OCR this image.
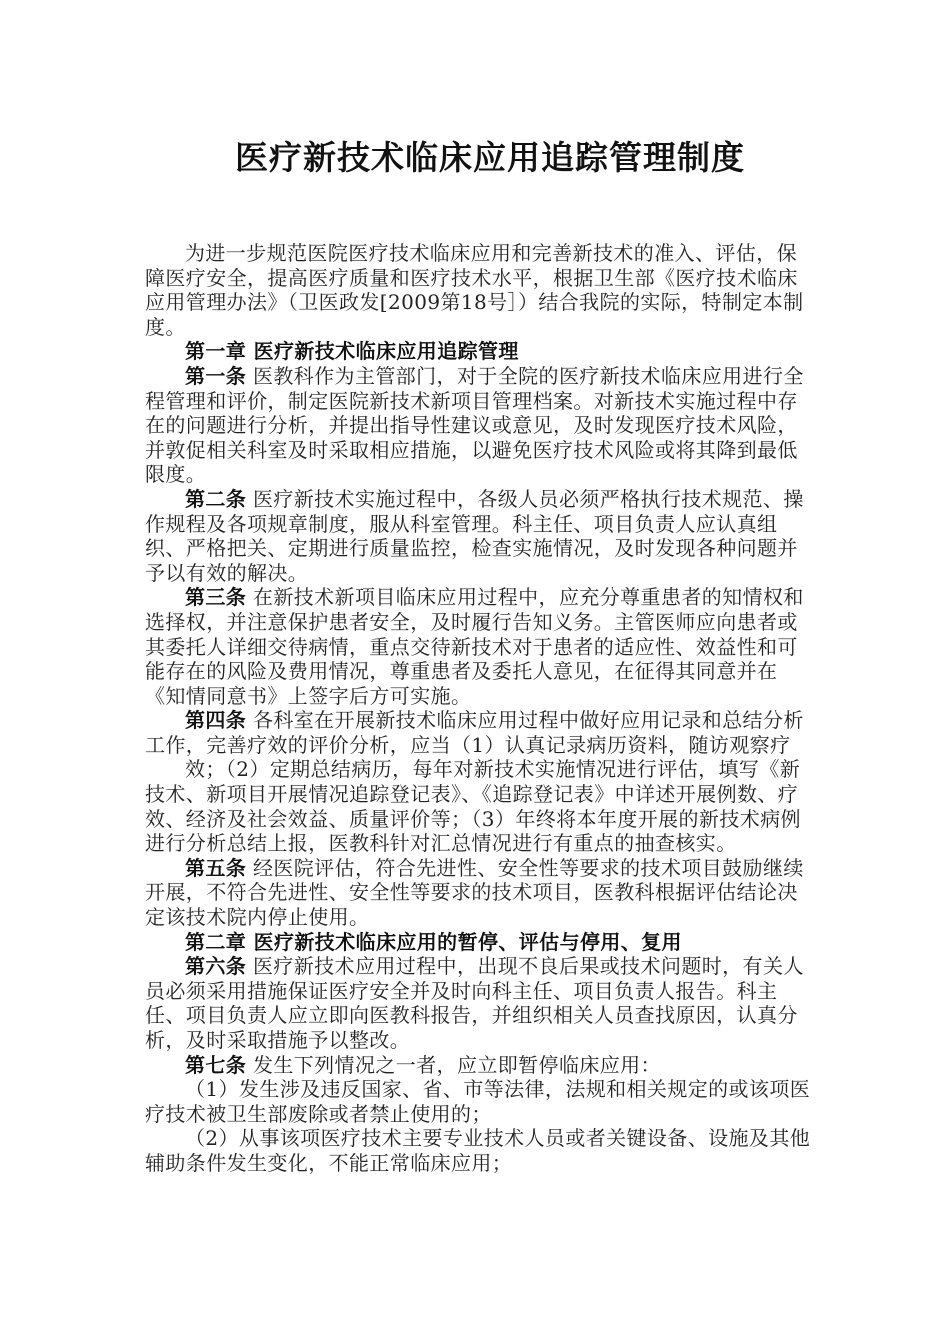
医疗新技术临床应用追踪管理制度

为进一步规范医院医疗技术临床应用和完善新技术的准入、评估，保障医疗安全，提高医疗质量和医疗技术水平，根据卫生部《医疗技术临床应用管理办法》（卫医政发[2009第18号］）结合我院的实际，特制定本制度。

第一章 医疗新技术临床应用追踪管理

第一条 医教科作为主管部门，对于全院的医疗新技术临床应用进行全程管理和评价，制定医院新技术新项目管理档案。对新技术实施过程中存在的问题进行分析，并提出指导性建议或意见，及时发现医疗技术风险，并敦促相关科室及时采取相应措施，以避免医疗技术风险或将其降到最低限度。

第二条 医疗新技术实施过程中，各级人员必须严格执行技术规范、操作规程及各项规章制度，服从科室管理。科主任、项目负责人应认真组织、严格把关、定期进行质量监控，检查实施情况，及时发现各种问题并予以有效的解决。

第三条 在新技术新项目临床应用过程中，应充分尊重患者的知情权和选择权，并注意保护患者安全，及时履行告知义务。主管医师应向患者或其委托人详细交待病情，重点交待新技术对于患者的适应性、效益性和可能存在的风险及费用情况，尊重患者及委托人意见，在征得其同意并在《知情同意书》上签字后方可实施。

第四条 各科室在开展新技术临床应用过程中做好应用记录和总结分析工作，完善疗效的评价分析，应当（1）认真记录病历资料，随访观察疗

效；（2）定期总结病历，每年对新技术实施情况进行评估，填写《新技术、新项目开展情况追踪登记表》、《追踪登记表》中详述开展例数、疗效、经济及社会效益、质量评价等；（3）年终将本年度开展的新技术病例进行分析总结上报，医教科针对汇总情况进行有重点的抽查核实。

第五条 经医院评估，符合先进性、安全性等要求的技术项目鼓励继续开展，不符合先进性、安全性等要求的技术项目，医教科根据评估结论决定该技术院内停止使用。

第二章 医疗新技术临床应用的暂停、评估与停用、复用

第六条 医疗新技术应用过程中，出现不良后果或技术问题时，有关人员必须采用措施保证医疗安全并及时向科主任、项目负责人报告。科主任、项目负责人应立即向医教科报告，并组织相关人员查找原因，认真分析，及时采取措施予以整改。

第七条 发生下列情况之一者，应立即暂停临床应用：

（1）发生涉及违反国家、省、市等法律，法规和相关规定的或该项医疗技术被卫生部废除或者禁止使用的；

（2）从事该项医疗技术主要专业技术人员或者关键设备、设施及其他辅助条件发生变化，不能正常临床应用；
